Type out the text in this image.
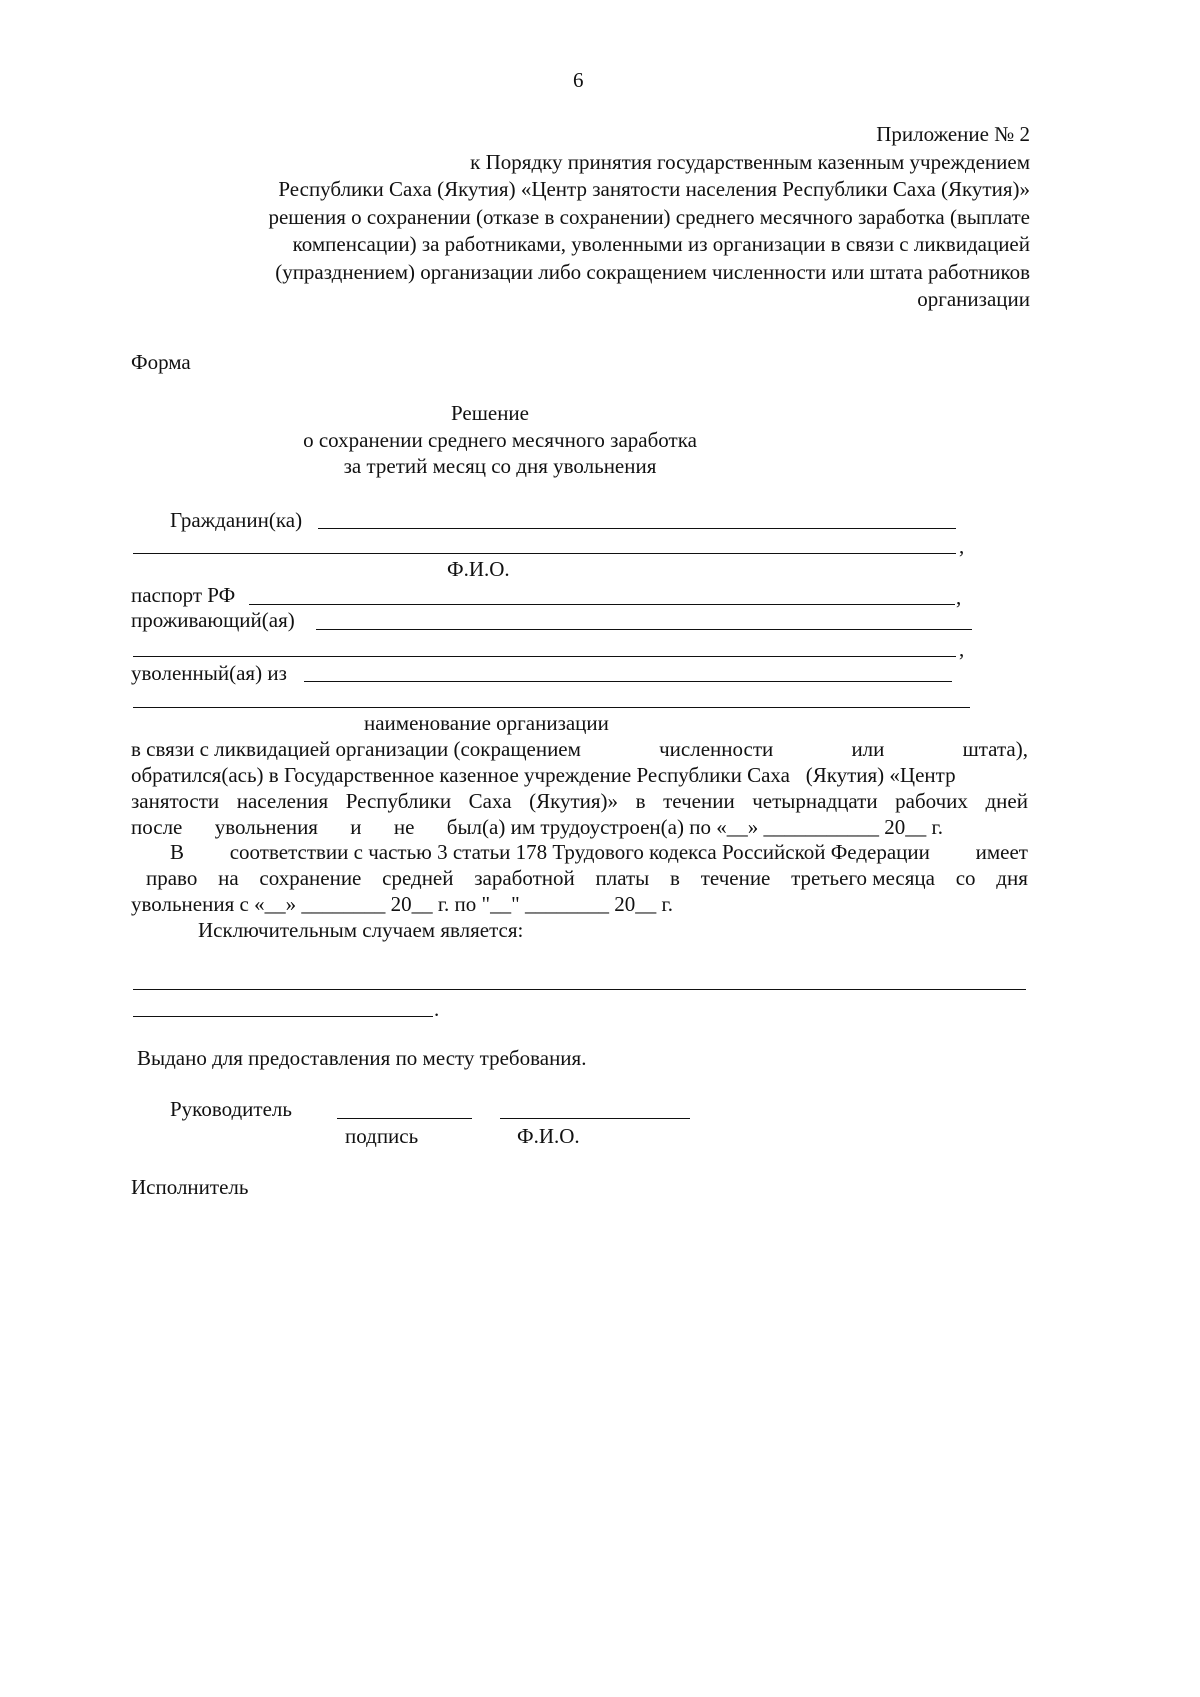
6
Приложение № 2
к Порядку принятия государственным казенным учреждением
Республики Саха (Якутия) «Центр занятости населения Республики Саха (Якутия)»
решения о сохранении (отказе в сохранении) среднего месячного заработка (выплате
компенсации) за работниками, уволенными из организации в связи с ликвидацией
(упразднением) организации либо сокращением численности или штата работников
организации
Форма
Решение
о сохранении среднего месячного заработка
за третий месяц со дня увольнения
Гражданин(ка)
,
Ф.И.О.
паспорт РФ	,
проживающий(ая)
,
уволенный(ая) из
наименование организации
в связи с ликвидацией организации (сокращением	численности	или	штата),
обратился(ась) в Государственное казенное учреждение Республики Саха   (Якутия) «Центр
занятости населения Республики Саха (Якутия)» в течении четырнадцати рабочих дней
после увольнения и не был(а) им трудоустроен(а) по «__» ___________ 20__ г.
В соответствии с частью 3 статьи 178 Трудового кодекса Российской Федерации имеет
право на сохранение средней заработной платы в течение третьего месяца со дня
увольнения с «__» ________ 20__ г. по "__" ________ 20__ г.
Исключительным случаем является:
.
Выдано для предоставления по месту требования.
Руководитель
подпись	Ф.И.О.
Исполнитель
